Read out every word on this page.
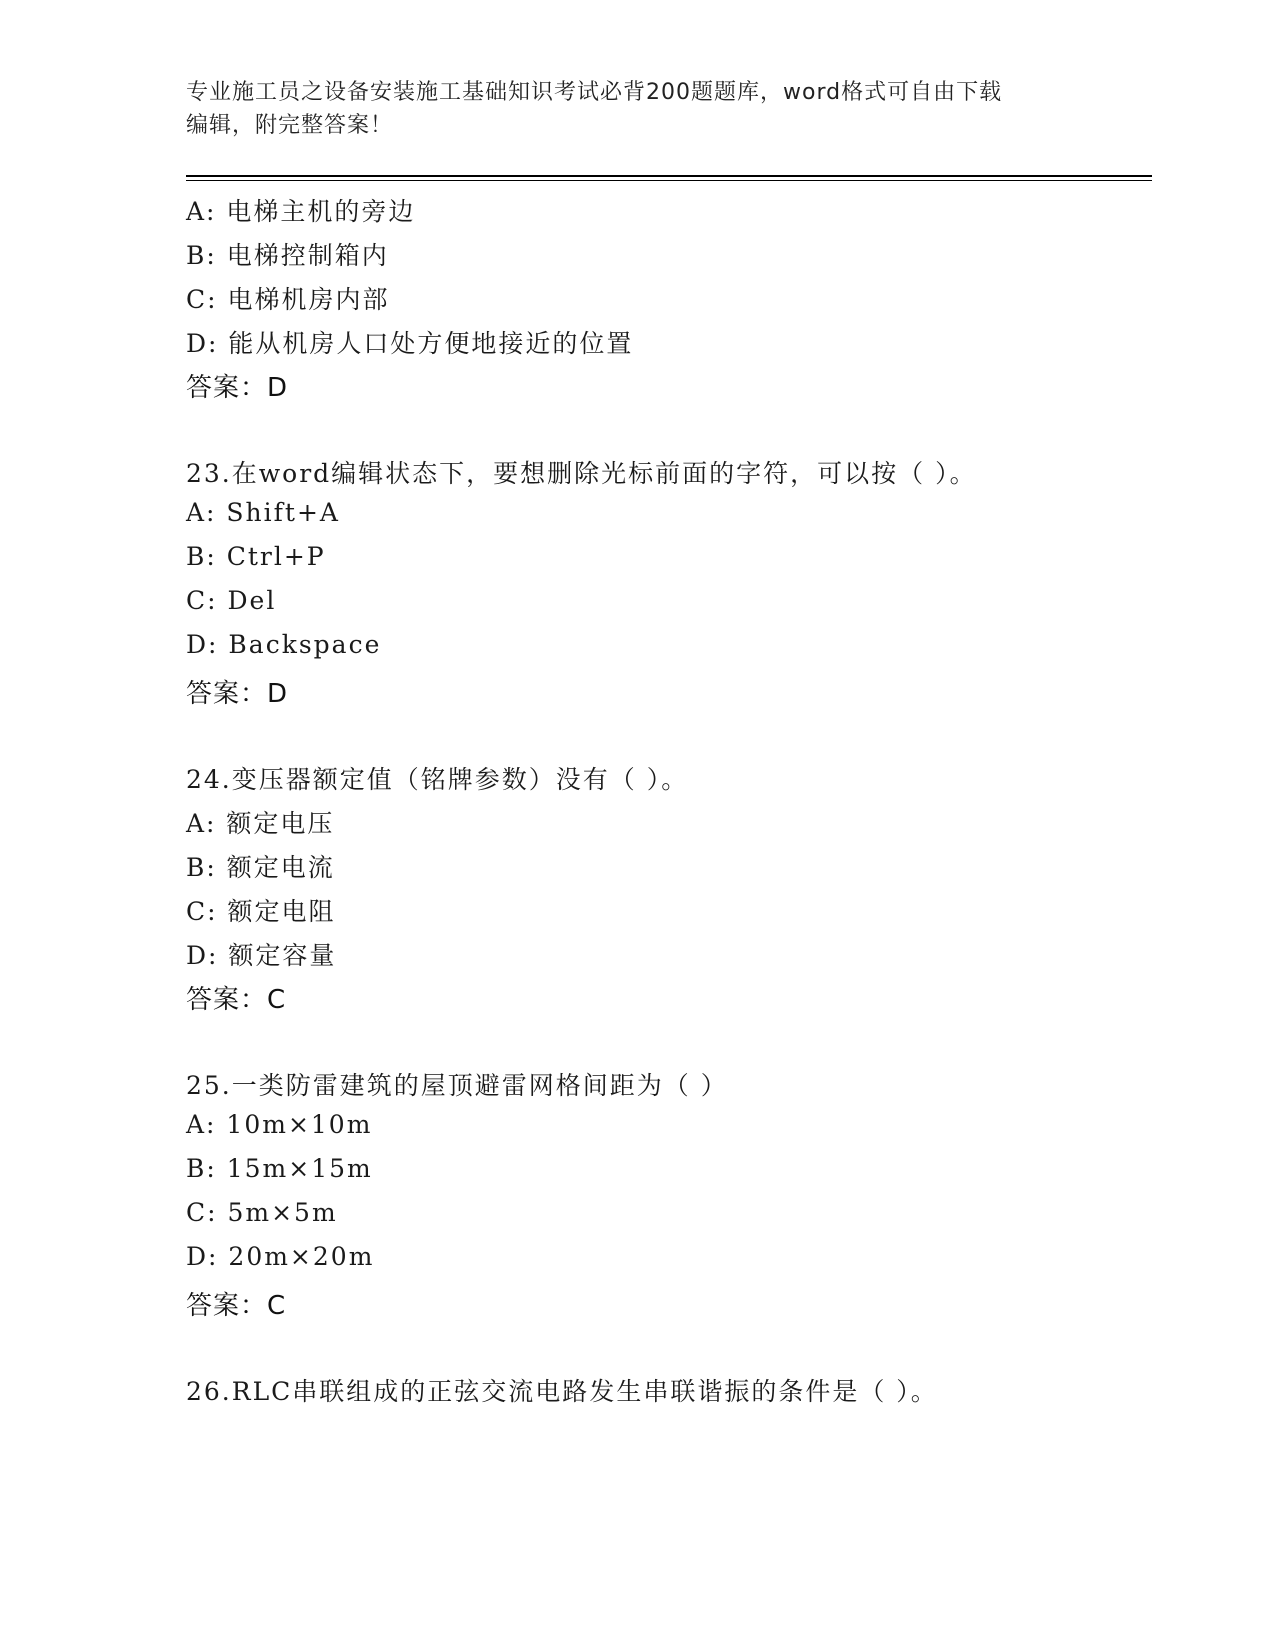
专业施工员之设备安装施工基础知识考试必背200题题库，word格式可自由下载
编辑，附完整答案！
A: 电梯主机的旁边
B: 电梯控制箱内
C: 电梯机房内部
D: 能从机房人口处方便地接近的位置
答案：D
23.在word编辑状态下，要想删除光标前面的字符，可以按（ ）。
A: Shift+A
B: Ctrl+P
C: Del
D: Backspace
答案：D
24.变压器额定值（铭牌参数）没有（ ）。
A: 额定电压
B: 额定电流
C: 额定电阻
D: 额定容量
答案：C
25.一类防雷建筑的屋顶避雷网格间距为（ ）
A: 10m×10m
B: 15m×15m
C: 5m×5m
D: 20m×20m
答案：C
26.RLC串联组成的正弦交流电路发生串联谐振的条件是（ ）。
